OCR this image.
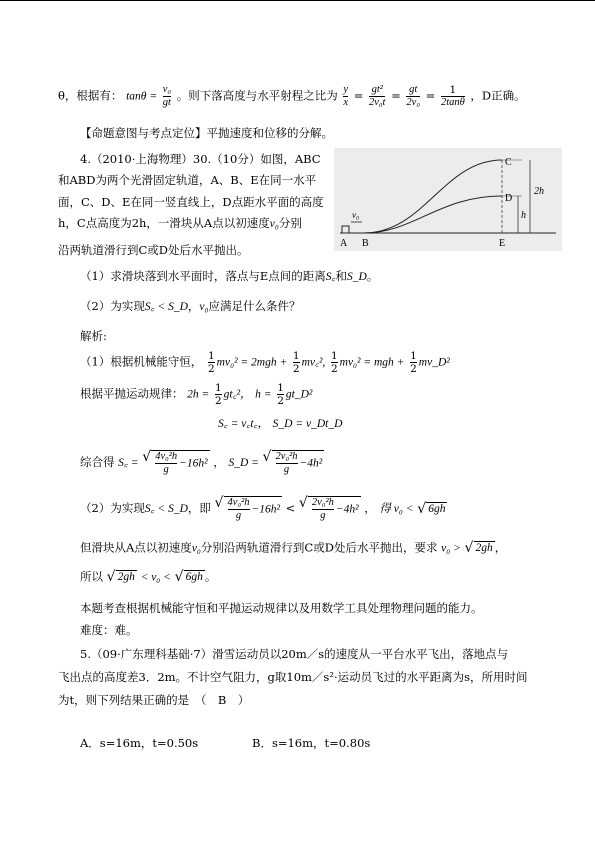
θ，根据有： $\tan\theta = \frac{\text{v₀}}{gt}$ 。则下落高度与水平射程之比为 $\frac{y}{x} = \frac{\text{gt²}}{\text{2v₀t}} = \frac{gt}{\text{2v₀}} = \frac{1}{2\tan\theta}$ ，D正确。
【命题意图与考点定位】平抛速度和位移的分解。
4.（2010·上海物理）30.（10分）如图，ABC
和ABD为两个光滑固定轨道，A、B、E在同一水平
面，C、D、E在同一竖直线上，D点距水平面的高度
h，C点高度为2h，一滑块从A点以初速度v₀分别
沿两轨道滑行到C或D处后水平抛出。	A B
C
D
E
v₀
2h
h
（1）求滑块落到水平面时，落点与E点间的距离S꜀和S_D。
（2）为实现S꜀ < S_D，v₀应满足什么条件？
解析:
（1）根据机械能守恒， $\frac{1}{2} mv_0^2 = 2mgh + \frac{1}{2}$ mv꜀², $\frac{1}{2} mv_0^2$ = mgh + $\frac{1}{2}$ mv_D²
根据平抛运动规律： $2h = \frac{1}{2}$ gt꜀²， $h = \frac{1}{2}$ gt_D²
S꜀ = v꜀t꜀， S_D = v_Dt_D
综合得 S꜀ = √ $\frac{\text{4v₀²h}}{g} -16h^2$ ， S_D = √ $\frac{\text{2v₀²h}}{g} -4h^2$
（2）为实现S꜀ < S_D，即 √ $\frac{\text{4v₀²h}}{g} -16h^2$ < √ $\frac{\text{2v₀²h}}{g} -4h^2$ ， 得 v₀ < √ 6gh
但滑块从A点以初速度v₀分别沿两轨道滑行到C或D处后水平抛出，要求 v₀ > √ 2gh ，
所以 √ 2gh < v₀ < √ 6gh 。
本题考查根据机械能守恒和平抛运动规律以及用数学工具处理物理问题的能力。
难度：难。
5.（09·广东理科基础·7）滑雪运动员以20m／s的速度从一平台水平飞出，落地点与
飞出点的高度差3．2m。不计空气阻力，g取10m／s²·运动员飞过的水平距离为s，所用时间
为t，则下列结果正确的是　（　B　）
A．s=16m，t=0.50s	B．s=16m，t=0.80s
